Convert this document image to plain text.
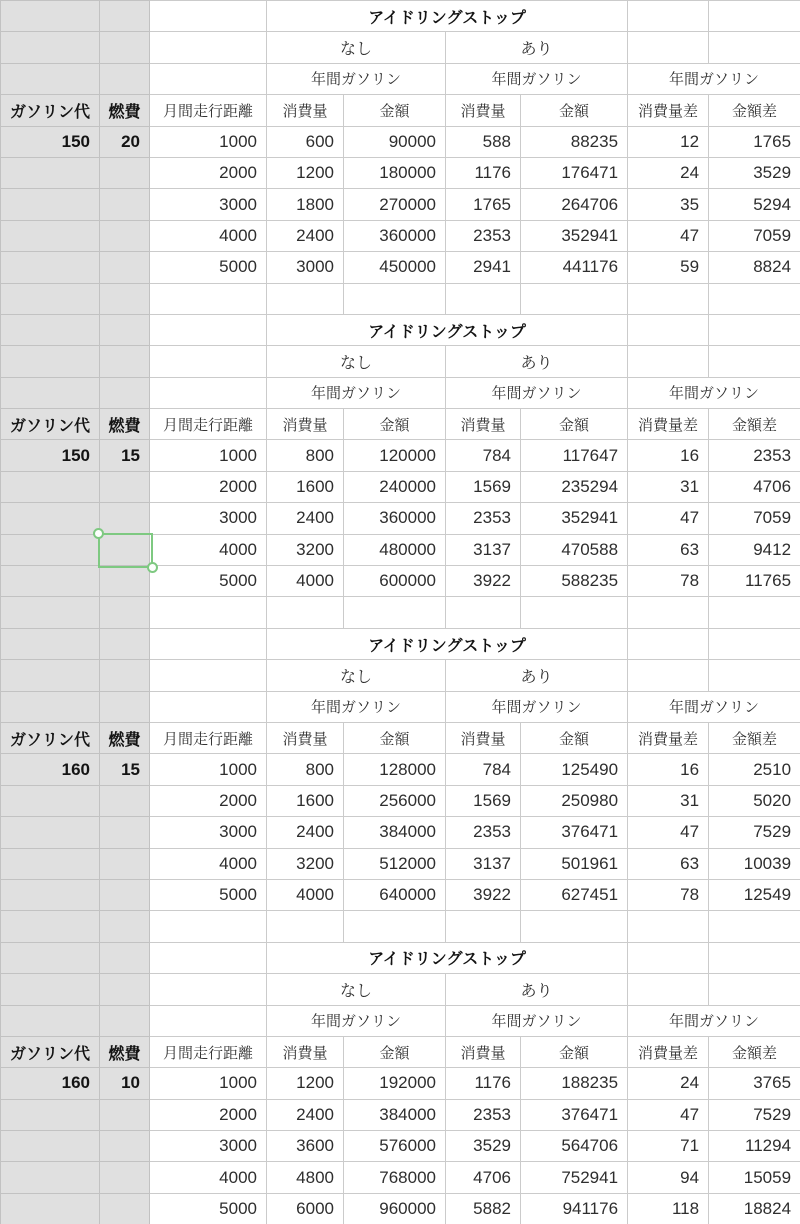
			アイドリングストップ					
			なし		あり			
			年間ガソリン		年間ガソリン		年間ガソリン	
ガソリン代	燃費	月間走行距離	消費量	金額	消費量	金額	消費量差	金額差
150	20	1000	600	90000	588	88235	12	1765
		2000	1200	180000	1176	176471	24	3529
		3000	1800	270000	1765	264706	35	5294
		4000	2400	360000	2353	352941	47	7059
		5000	3000	450000	2941	441176	59	8824

			アイドリングストップ					
			なし		あり			
			年間ガソリン		年間ガソリン		年間ガソリン	
ガソリン代	燃費	月間走行距離	消費量	金額	消費量	金額	消費量差	金額差
150	15	1000	800	120000	784	117647	16	2353
		2000	1600	240000	1569	235294	31	4706
		3000	2400	360000	2353	352941	47	7059
		4000	3200	480000	3137	470588	63	9412
		5000	4000	600000	3922	588235	78	11765

			アイドリングストップ					
			なし		あり			
			年間ガソリン		年間ガソリン		年間ガソリン	
ガソリン代	燃費	月間走行距離	消費量	金額	消費量	金額	消費量差	金額差
160	15	1000	800	128000	784	125490	16	2510
		2000	1600	256000	1569	250980	31	5020
		3000	2400	384000	2353	376471	47	7529
		4000	3200	512000	3137	501961	63	10039
		5000	4000	640000	3922	627451	78	12549

			アイドリングストップ					
			なし		あり			
			年間ガソリン		年間ガソリン		年間ガソリン	
ガソリン代	燃費	月間走行距離	消費量	金額	消費量	金額	消費量差	金額差
160	10	1000	1200	192000	1176	188235	24	3765
		2000	2400	384000	2353	376471	47	7529
		3000	3600	576000	3529	564706	71	11294
		4000	4800	768000	4706	752941	94	15059
		5000	6000	960000	5882	941176	118	18824
